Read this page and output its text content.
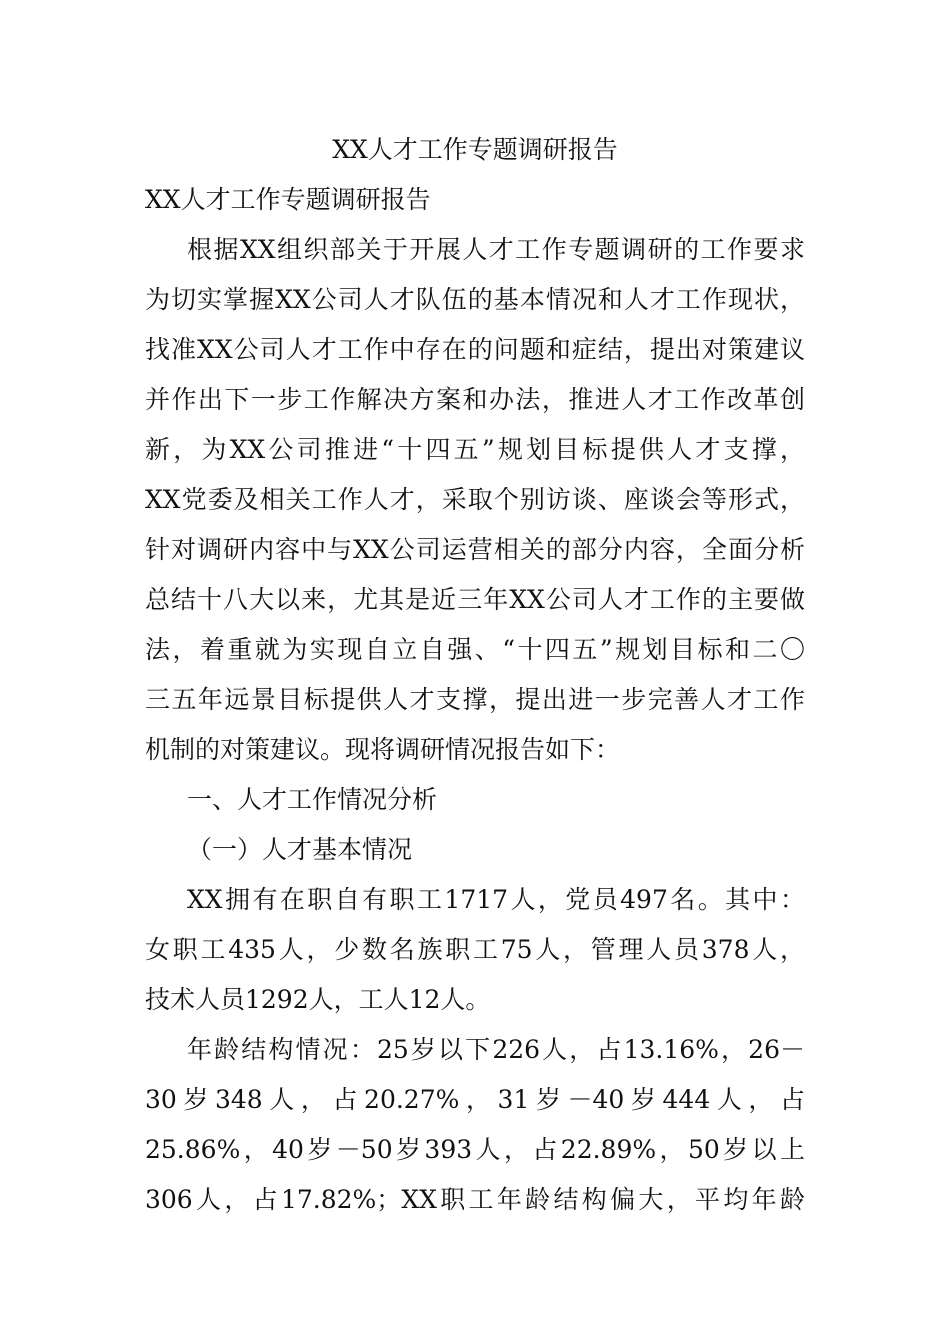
XX人才工作专题调研报告
XX人才工作专题调研报告
根据XX组织部关于开展人才工作专题调研的工作要求
为切实掌握XX公司人才队伍的基本情况和人才工作现状，
找准XX公司人才工作中存在的问题和症结，提出对策建议
并作出下一步工作解决方案和办法，推进人才工作改革创
新，为XX公司推进“十四五”规划目标提供人才支撑，
XX党委及相关工作人才，采取个别访谈、座谈会等形式，
针对调研内容中与XX公司运营相关的部分内容，全面分析
总结十八大以来，尤其是近三年XX公司人才工作的主要做
法，着重就为实现自立自强、“十四五”规划目标和二〇
三五年远景目标提供人才支撑，提出进一步完善人才工作
机制的对策建议。现将调研情况报告如下：
一、人才工作情况分析
（一）人才基本情况
XX拥有在职自有职工1717人，党员497名。其中：
女职工435人，少数名族职工75人，管理人员378人，
技术人员1292人，工人12人。
年龄结构情况：25岁以下226人，占13.16%，26－
30岁348人，占20.27%，31岁－40岁444人，占
25.86%，40岁－50岁393人，占22.89%，50岁以上
306人，占17.82%；XX职工年龄结构偏大，平均年龄
